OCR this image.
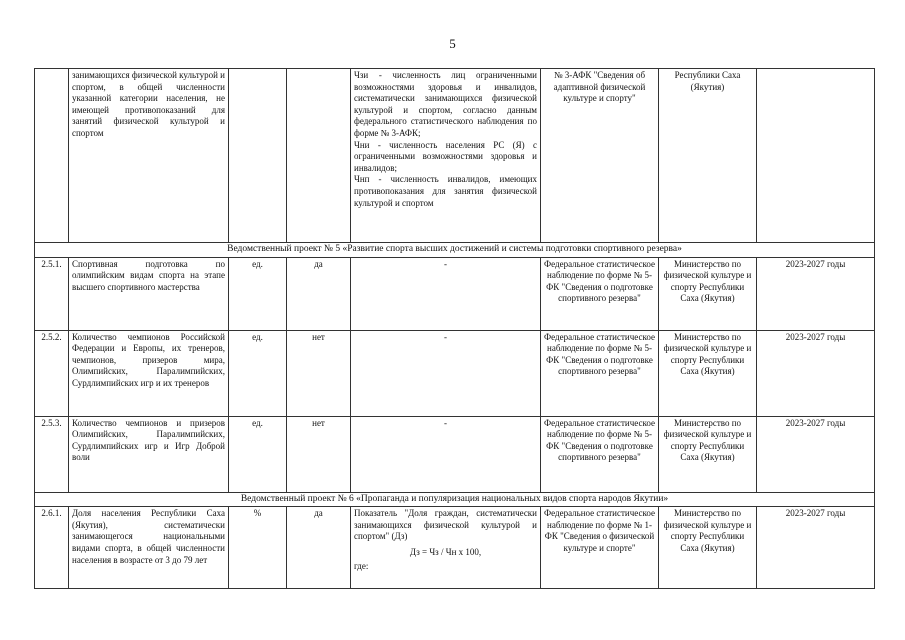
5
	занимающихся физической культурой и спортом, в общей численности указанной категории населения, не имеющей противопоказаний для занятий физической культурой и спортом			Чзи - численность лиц ограниченными возможностями здоровья и инвалидов, систематически занимающихся физической культурой и спортом, согласно данным федерального статистического наблюдения по форме № 3-АФК;
Чни - численность населения РС (Я) с ограниченными возможностями здоровья и инвалидов;
Чнп - численность инвалидов, имеющих противопоказания для занятия физической культурой и спортом	№ 3-АФК "Сведения об адаптивной физической культуре и спорту"	Республики Саха (Якутия)	
Ведомственный проект № 5 «Развитие спорта высших достижений и системы подготовки спортивного резерва»							
2.5.1.	Спортивная подготовка по олимпийским видам спорта на этапе высшего спортивного мастерства	ед.	да	-	Федеральное статистическое наблюдение по форме № 5-ФК "Сведения о подготовке спортивного резерва"	Министерство по физической культуре и спорту Республики Саха (Якутия)	2023-2027 годы
2.5.2.	Количество чемпионов Российской Федерации и Европы, их тренеров, чемпионов, призеров мира, Олимпийских, Паралимпийских, Сурдлимпийских игр и их тренеров	ед.	нет	-	Федеральное статистическое наблюдение по форме № 5-ФК "Сведения о подготовке спортивного резерва"	Министерство по физической культуре и спорту Республики Саха (Якутия)	2023-2027 годы
2.5.3.	Количество чемпионов и призеров Олимпийских, Паралимпийских, Сурдлимпийских игр и Игр Доброй воли	ед.	нет	-	Федеральное статистическое наблюдение по форме № 5-ФК "Сведения о подготовке спортивного резерва"	Министерство по физической культуре и спорту Республики Саха (Якутия)	2023-2027 годы
Ведомственный проект № 6 «Пропаганда и популяризация национальных видов спорта народов Якутии»							
2.6.1.	Доля населения Республики Саха (Якутия), систематически занимающегося национальными видами спорта, в общей численности населения в возрасте от 3 до 79 лет	%	да	Показатель "Доля граждан, систематически занимающихся физической культурой и спортом" (Дз)
Дз = Чз / Чн х 100,
где:	Федеральное статистическое наблюдение по форме № 1-ФК "Сведения о физической культуре и спорте"	Министерство по физической культуре и спорту Республики Саха (Якутия)	2023-2027 годы
